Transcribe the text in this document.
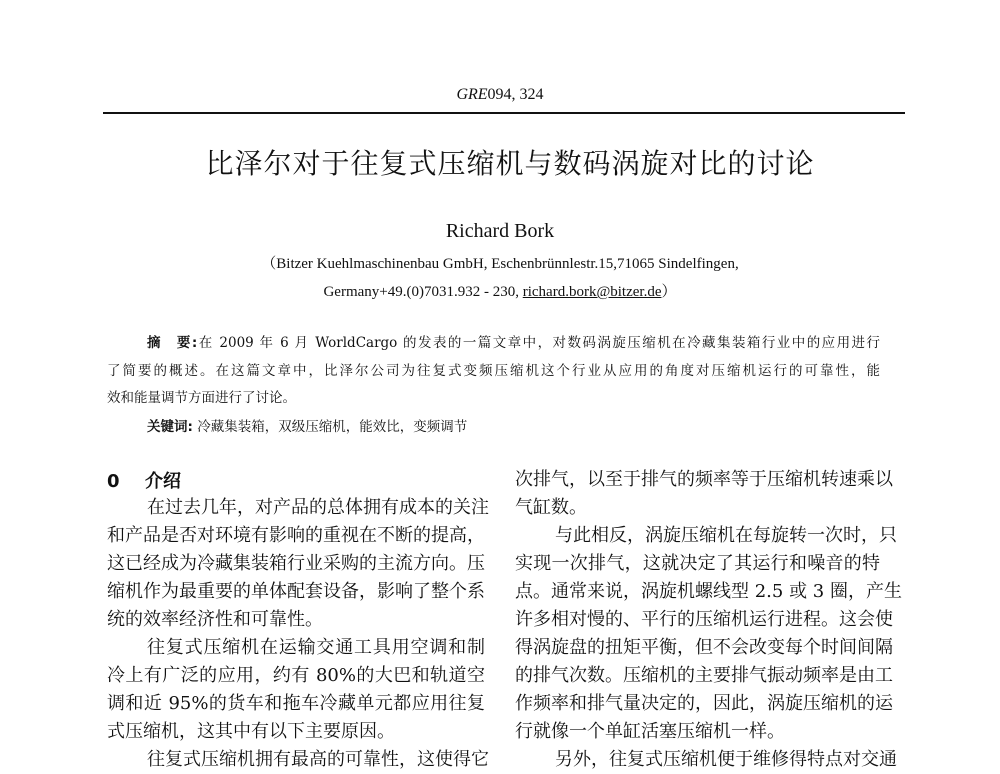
GRE094, 324
比泽尔对于往复式压缩机与数码涡旋对比的讨论
Richard Bork
（Bitzer Kuehlmaschinenbau GmbH, Eschenbrünnlestr.15,71065 Sindelfingen,
Germany+49.(0)7031.932 - 230, richard.bork@bitzer.de）
摘　要:在 2009 年 6 月 WorldCargo 的发表的一篇文章中，对数码涡旋压缩机在冷藏集装箱行业中的应用进行
了简要的概述。在这篇文章中，比泽尔公司为往复式变频压缩机这个行业从应用的角度对压缩机运行的可靠性，能
效和能量调节方面进行了讨论。
关键词: 冷藏集装箱，双级压缩机，能效比，变频调节
0 介绍
在过去几年，对产品的总体拥有成本的关注
和产品是否对环境有影响的重视在不断的提高，
这已经成为冷藏集装箱行业采购的主流方向。压
缩机作为最重要的单体配套设备，影响了整个系
统的效率经济性和可靠性。
往复式压缩机在运输交通工具用空调和制
冷上有广泛的应用，约有 80%的大巴和轨道空
调和近 95%的货车和拖车冷藏单元都应用往复
式压缩机，这其中有以下主要原因。
往复式压缩机拥有最高的可靠性，这使得它
次排气，以至于排气的频率等于压缩机转速乘以
气缸数。
与此相反，涡旋压缩机在每旋转一次时，只
实现一次排气，这就决定了其运行和噪音的特
点。通常来说，涡旋机螺线型 2.5 或 3 圈，产生
许多相对慢的、平行的压缩机运行进程。这会使
得涡旋盘的扭矩平衡，但不会改变每个时间间隔
的排气次数。压缩机的主要排气振动频率是由工
作频率和排气量决定的，因此，涡旋压缩机的运
行就像一个单缸活塞压缩机一样。
另外，往复式压缩机便于维修得特点对交通
